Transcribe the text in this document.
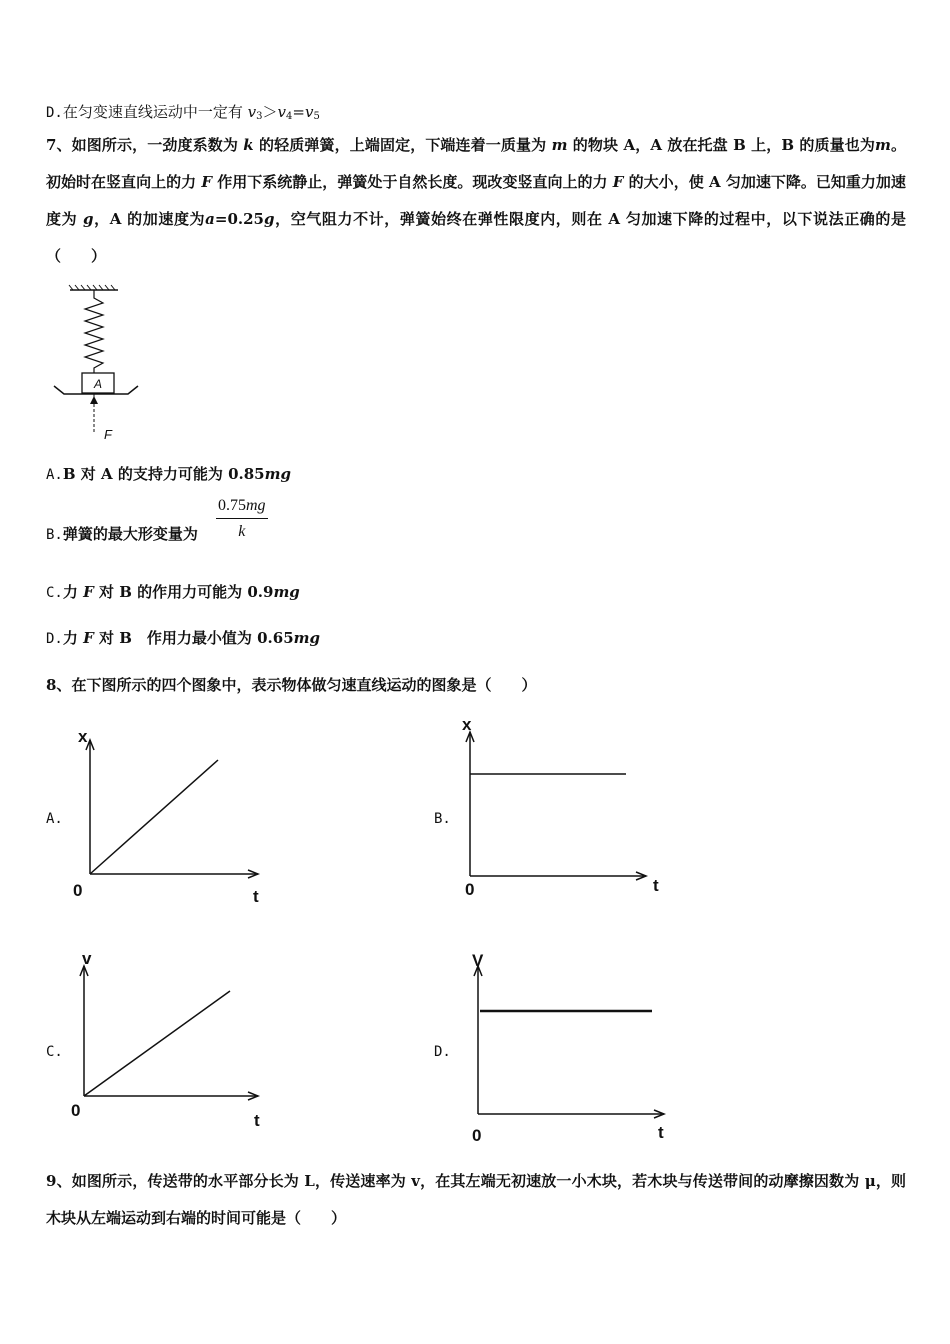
D.在匀变速直线运动中一定有 $v_3>v_4=v_5$
7、如图所示，一劲度系数为 k 的轻质弹簧，上端固定，下端连着一质量为 m 的物块 A，A 放在托盘 B 上，B 的质量也为m。初始时在竖直向上的力 F 作用下系统静止，弹簧处于自然长度。现改变竖直向上的力 F 的大小，使 A 匀加速下降。已知重力加速度为 g，A 的加速度为a=0.25g，空气阻力不计，弹簧始终在弹性限度内，则在 A 匀加速下降的过程中，以下说法正确的是（　　）
A
F
A.B 对 A 的支持力可能为 0.85mg
B.弹簧的最大形变量为 $\frac{0.75mg}{k}$
C.力 F 对 B 的作用力可能为 0.9mg
D.力 F 对 B　作用力最小值为 0.65mg
8、在下图所示的四个图象中，表示物体做匀速直线运动的图象是（　　）
A.
x
0	t
B.
x
0	t
C.
v
0
t
D.
V
0	t
9、如图所示，传送带的水平部分长为 L，传送速率为 v，在其左端无初速放一小木块，若木块与传送带间的动摩擦因数为 μ，则木块从左端运动到右端的时间可能是（　　）
